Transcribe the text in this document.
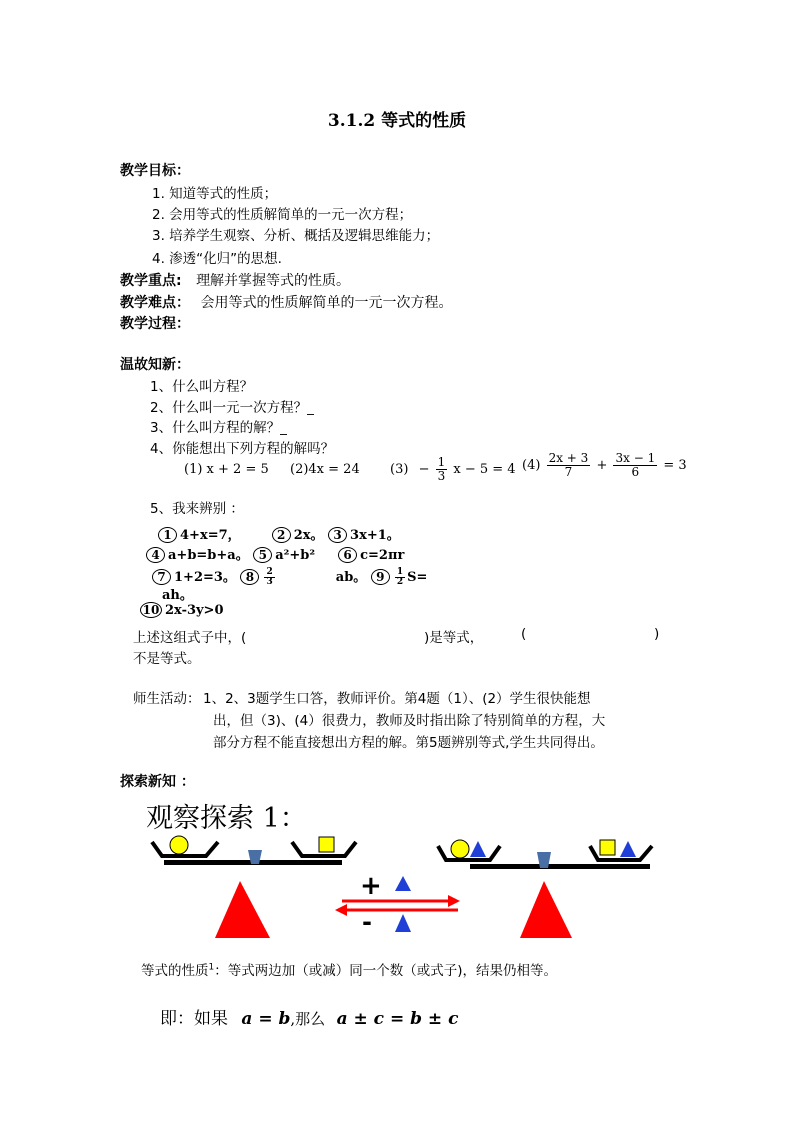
3.1.2 等式的性质
教学目标：
1. 知道等式的性质；
2. 会用等式的性质解简单的一元一次方程；
3. 培养学生观察、分析、概括及逻辑思维能力；
4. 渗透“化归”的思想.
教学重点: 理解并掌握等式的性质。
教学难点： 会用等式的性质解简单的一元一次方程。
教学过程：
温故知新：
1、什么叫方程？
2、什么叫一元一次方程？_
3、什么叫方程的解？_
4、你能想出下列方程的解吗？
(1) x + 2 = 5 (2)4x = 24 $(3) - \frac{1}{3}$ x − 5 = 4 $(4) \frac{2x + 3}{7} + \frac{3x - 1}{6} = 3$
5、我来辨别 ：
1 4+x=7，	2 2x。 3 3x+1。
4 a+b=b+a。 5 a²+b² 6 c=2πr
7 1+2=3。 $8 \frac{2}{3}$	ab。 $9 \frac{1}{2} S=$
ah。
10 2x-3y>0
上述这组式子中，(	)是等式，	(	)
不是等式。
师生活动： 1、2、3题学生口答，教师评价。第4题（1）、(2）学生很快能想
出，但（3)、(4）很费力，教师及时指出除了特别简单的方程，大
部分方程不能直接想出方程的解。第5题辨别等式,学生共同得出。
探索新知 ：
观察探索 1：
+
-
等式的性质$^1$：等式两边加（或减）同一个数（或式子)，结果仍相等。
即：如果 a = b,那么 a ± c = b ± c
